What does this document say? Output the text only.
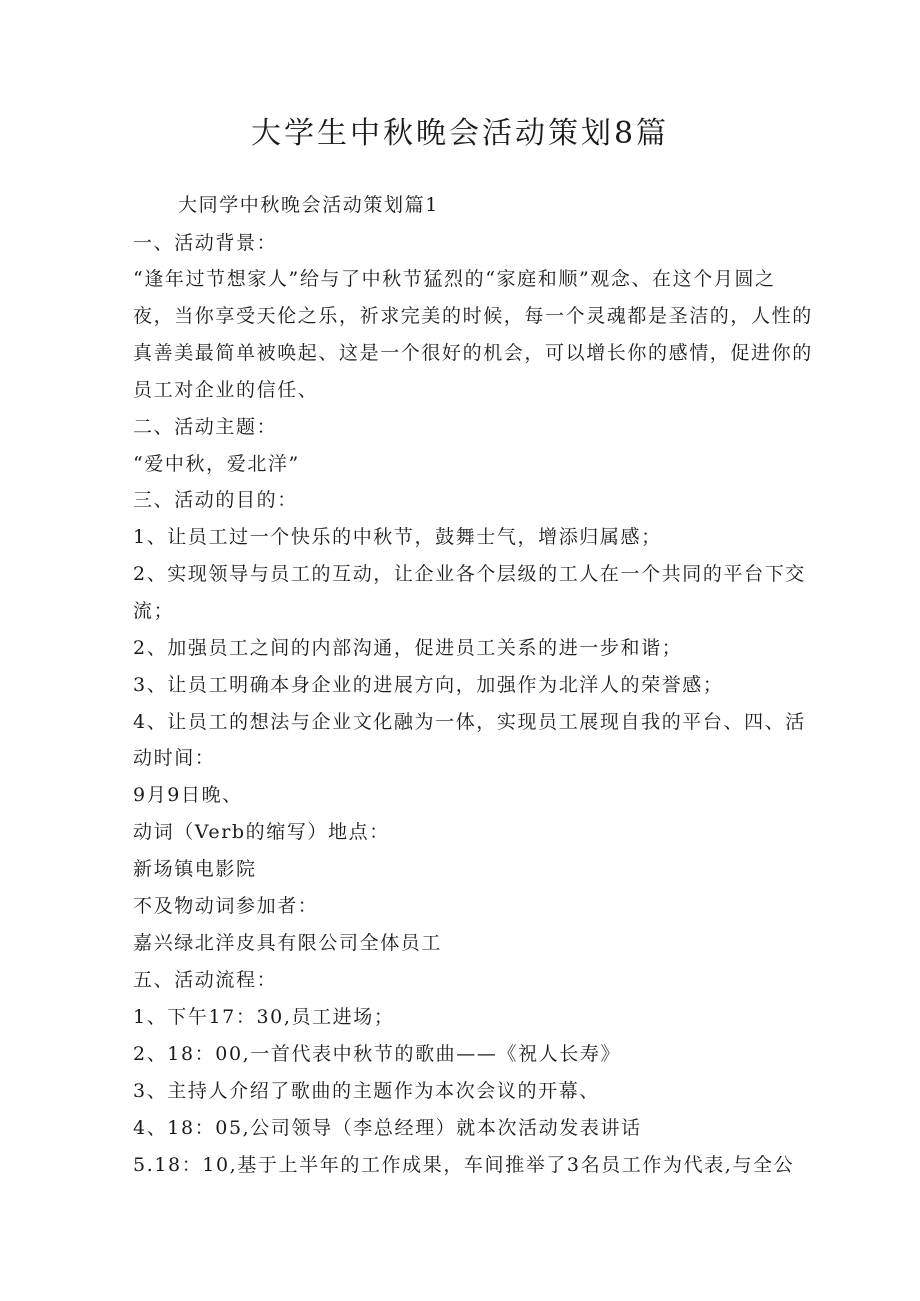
大学生中秋晚会活动策划8篇
大同学中秋晚会活动策划篇1
一、活动背景：
“逢年过节想家人”给与了中秋节猛烈的“家庭和顺”观念、在这个月圆之
夜，当你享受天伦之乐，祈求完美的时候，每一个灵魂都是圣洁的，人性的
真善美最简单被唤起、这是一个很好的机会，可以增长你的感情，促进你的
员工对企业的信任、
二、活动主题：
“爱中秋，爱北洋”
三、活动的目的：
1、让员工过一个快乐的中秋节，鼓舞士气，增添归属感；
2、实现领导与员工的互动，让企业各个层级的工人在一个共同的平台下交
流；
2、加强员工之间的内部沟通，促进员工关系的进一步和谐；
3、让员工明确本身企业的进展方向，加强作为北洋人的荣誉感；
4、让员工的想法与企业文化融为一体，实现员工展现自我的平台、四、活
动时间：
9月9日晚、
动词（Verb的缩写）地点：
新场镇电影院
不及物动词参加者：
嘉兴绿北洋皮具有限公司全体员工
五、活动流程：
1、下午17：30,员工进场；
2、18：00,一首代表中秋节的歌曲——《祝人长寿》
3、主持人介绍了歌曲的主题作为本次会议的开幕、
4、18：05,公司领导（李总经理）就本次活动发表讲话
5.18：10,基于上半年的工作成果，车间推举了3名员工作为代表,与全公
